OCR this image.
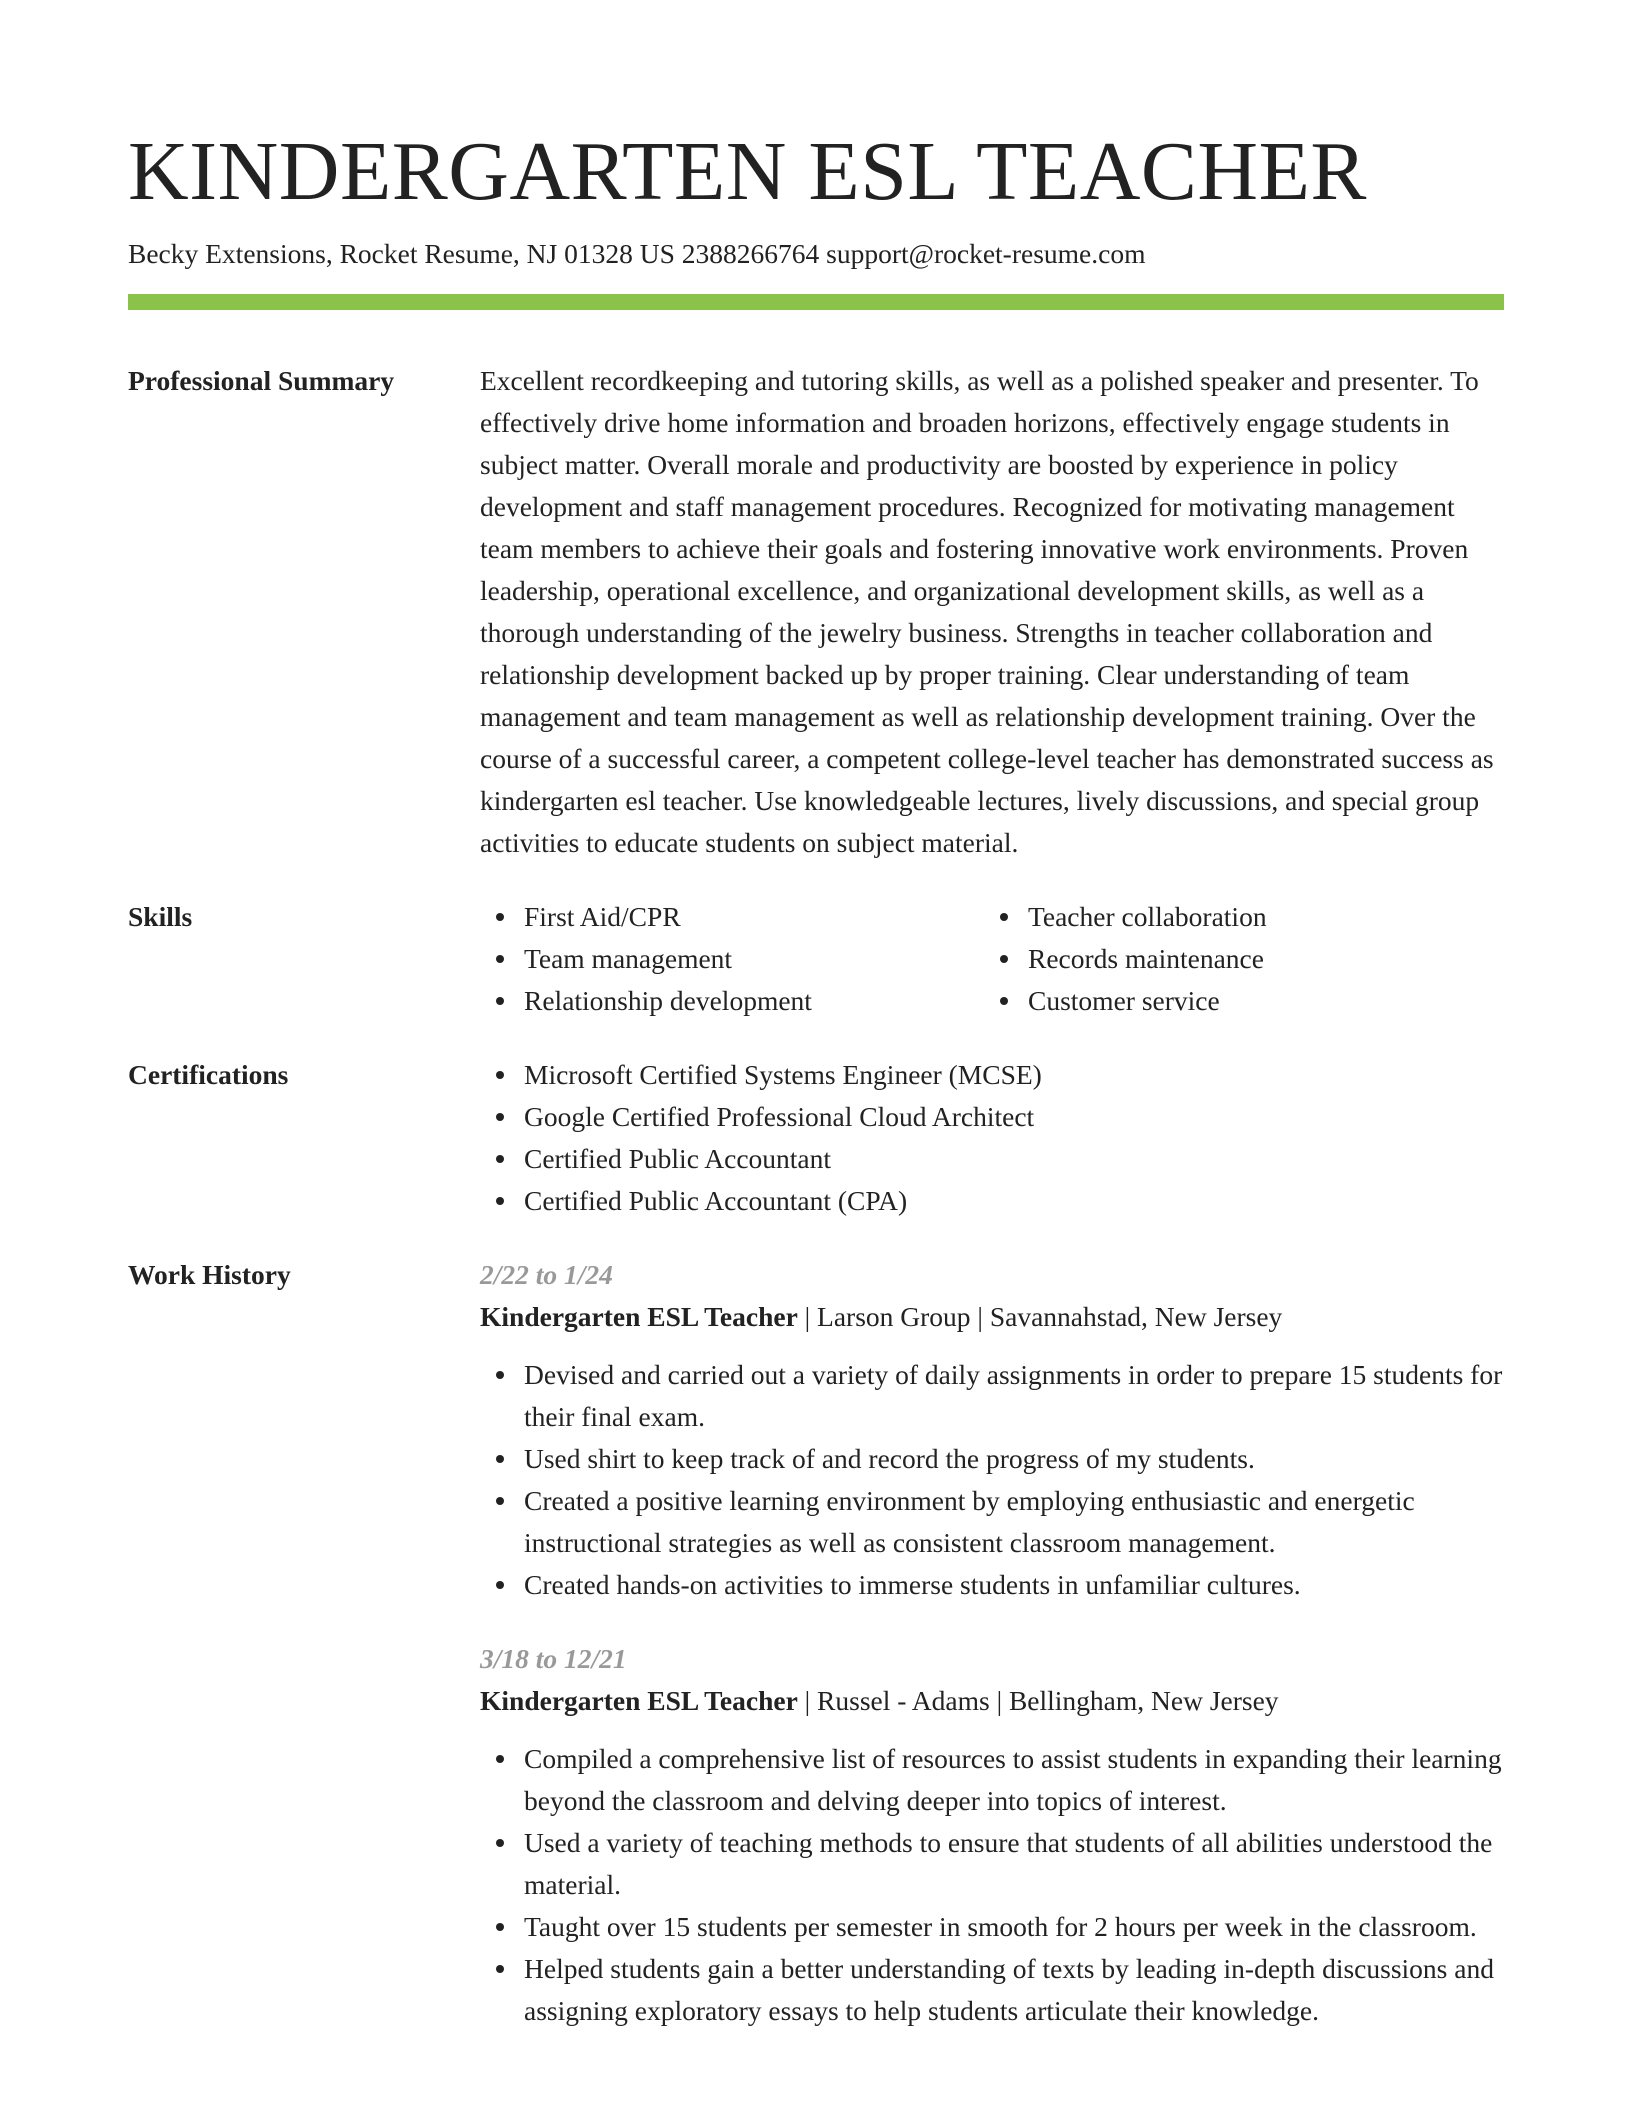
KINDERGARTEN ESL TEACHER
Becky Extensions, Rocket Resume, NJ 01328 US 2388266764 support@rocket-resume.com
Professional Summary	Excellent recordkeeping and tutoring skills, as well as a polished speaker and presenter. To effectively drive home information and broaden horizons, effectively engage students in subject matter. Overall morale and productivity are boosted by experience in policy development and staff management procedures. Recognized for motivating management team members to achieve their goals and fostering innovative work environments. Proven leadership, operational excellence, and organizational development skills, as well as a thorough understanding of the jewelry business. Strengths in teacher collaboration and relationship development backed up by proper training. Clear understanding of team management and team management as well as relationship development training. Over the course of a successful career, a competent college-level teacher has demonstrated success as kindergarten esl teacher. Use knowledgeable lectures, lively discussions, and special group activities to educate students on subject material.
Skills	First Aid/CPR
Team management
Relationship development
Teacher collaboration
Records maintenance
Customer service
Certifications	Microsoft Certified Systems Engineer (MCSE)
Google Certified Professional Cloud Architect
Certified Public Accountant
Certified Public Accountant (CPA)
Work History	2/22 to 1/24
Kindergarten ESL Teacher | Larson Group | Savannahstad, New Jersey
Devised and carried out a variety of daily assignments in order to prepare 15 students for their final exam.
Used shirt to keep track of and record the progress of my students.
Created a positive learning environment by employing enthusiastic and energetic instructional strategies as well as consistent classroom management.
Created hands-on activities to immerse students in unfamiliar cultures.
3/18 to 12/21
Kindergarten ESL Teacher | Russel - Adams | Bellingham, New Jersey
Compiled a comprehensive list of resources to assist students in expanding their learning beyond the classroom and delving deeper into topics of interest.
Used a variety of teaching methods to ensure that students of all abilities understood the material.
Taught over 15 students per semester in smooth for 2 hours per week in the classroom.
Helped students gain a better understanding of texts by leading in-depth discussions and assigning exploratory essays to help students articulate their knowledge.
